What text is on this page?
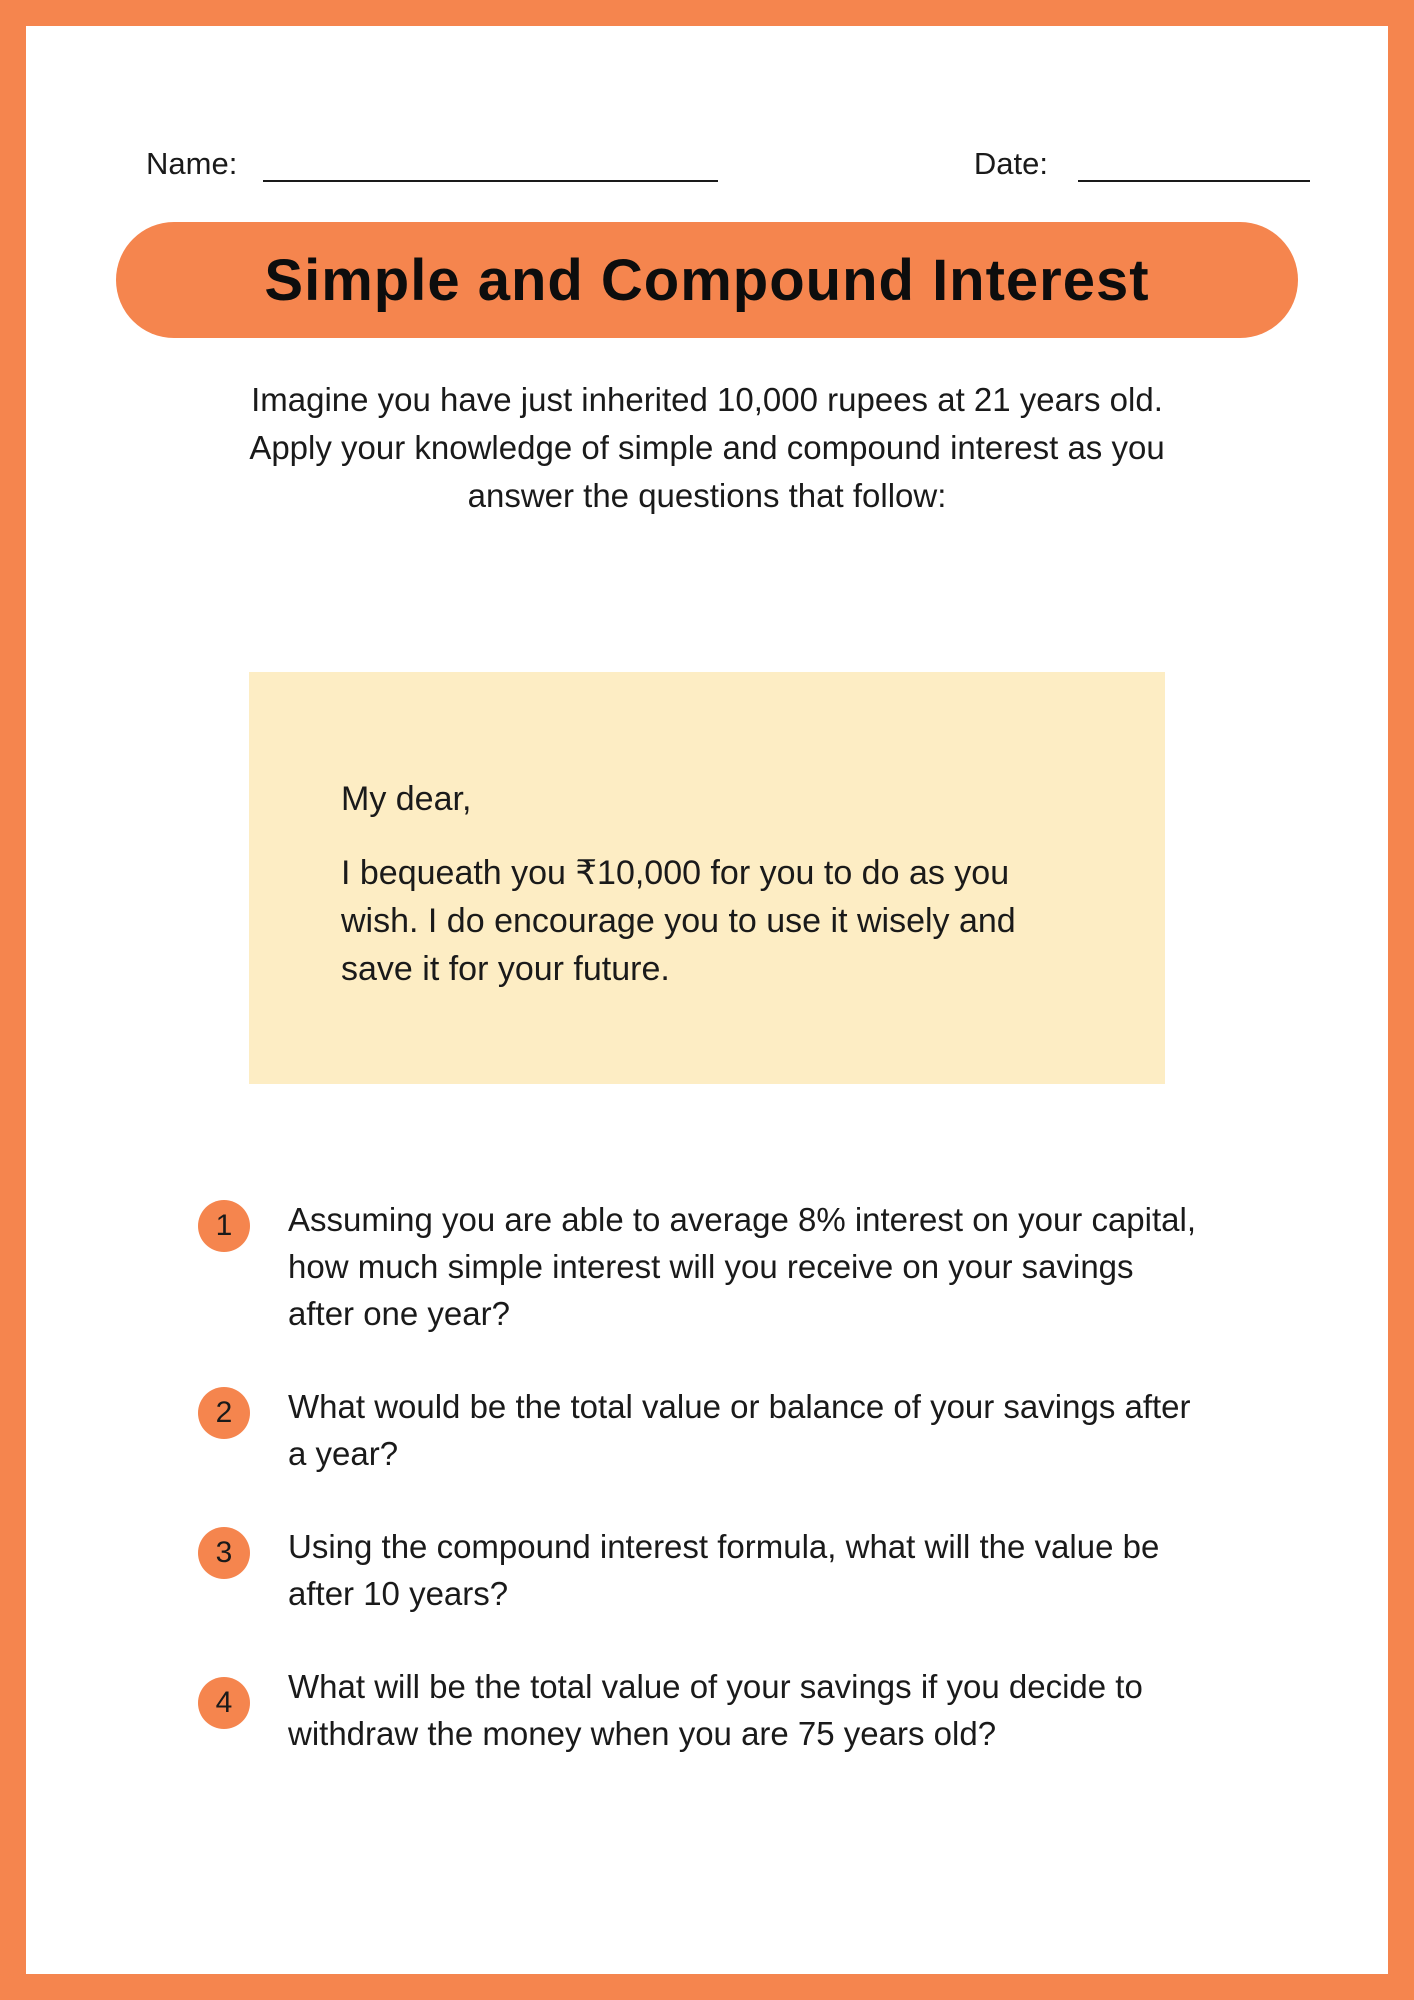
Name:	Date:
Simple and Compound Interest
Imagine you have just inherited 10,000 rupees at 21 years old.
Apply your knowledge of simple and compound interest as you
answer the questions that follow:
My dear,
I bequeath you ₹10,000 for you to do as you wish. I do encourage you to use it wisely and save it for your future.
1	Assuming you are able to average 8% interest on your capital, how much simple interest will you receive on your savings after one year?
2	What would be the total value or balance of your savings after a year?
3	Using the compound interest formula, what will the value be after 10 years?
4	What will be the total value of your savings if you decide to withdraw the money when you are 75 years old?
